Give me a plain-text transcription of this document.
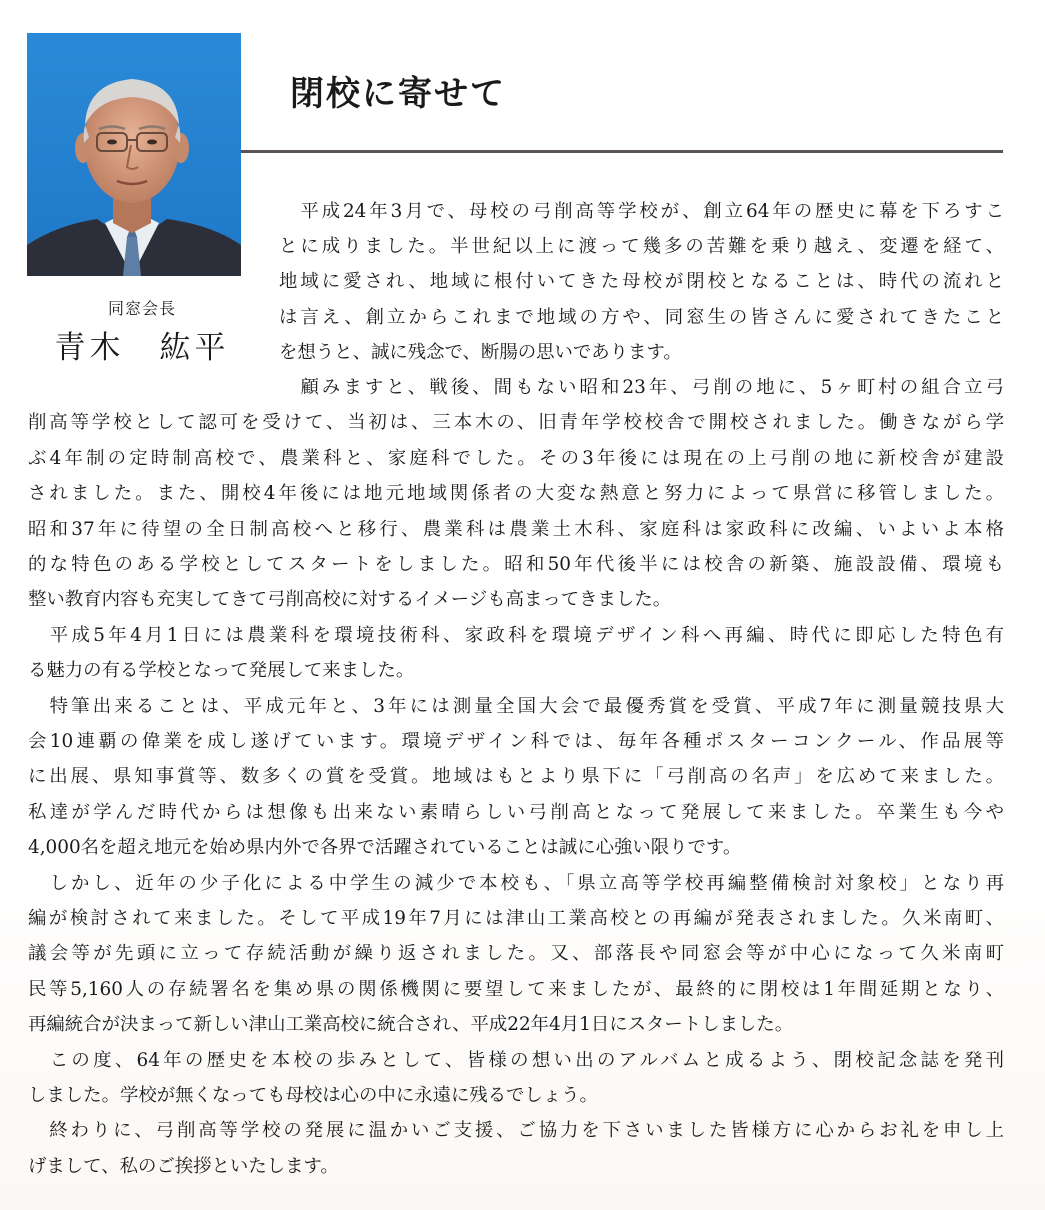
同窓会長
青木　紘平
閉校に寄せて
　平成24年3月で、母校の弓削高等学校が、創立64年の歴史に幕を下ろすこ
とに成りました。半世紀以上に渡って幾多の苦難を乗り越え、変遷を経て、
地域に愛され、地域に根付いてきた母校が閉校となることは、時代の流れと
は言え、創立からこれまで地域の方や、同窓生の皆さんに愛されてきたこと
を想うと、誠に残念で、断腸の思いであります。
　顧みますと、戦後、間もない昭和23年、弓削の地に、5ヶ町村の組合立弓
削高等学校として認可を受けて、当初は、三本木の、旧青年学校校舎で開校されました。働きながら学
ぶ4年制の定時制高校で、農業科と、家庭科でした。その3年後には現在の上弓削の地に新校舎が建設
されました。また、開校4年後には地元地域関係者の大変な熱意と努力によって県営に移管しました。
昭和37年に待望の全日制高校へと移行、農業科は農業土木科、家庭科は家政科に改編、いよいよ本格
的な特色のある学校としてスタートをしました。昭和50年代後半には校舎の新築、施設設備、環境も
整い教育内容も充実してきて弓削高校に対するイメージも高まってきました。
　平成5年4月1日には農業科を環境技術科、家政科を環境デザイン科へ再編、時代に即応した特色有
る魅力の有る学校となって発展して来ました。
　特筆出来ることは、平成元年と、3年には測量全国大会で最優秀賞を受賞、平成7年に測量競技県大
会10連覇の偉業を成し遂げています。環境デザイン科では、毎年各種ポスターコンクール、作品展等
に出展、県知事賞等、数多くの賞を受賞。地域はもとより県下に「弓削高の名声」を広めて来ました。
私達が学んだ時代からは想像も出来ない素晴らしい弓削高となって発展して来ました。卒業生も今や
4,000名を超え地元を始め県内外で各界で活躍されていることは誠に心強い限りです。
　しかし、近年の少子化による中学生の減少で本校も、「県立高等学校再編整備検討対象校」となり再
編が検討されて来ました。そして平成19年7月には津山工業高校との再編が発表されました。久米南町、
議会等が先頭に立って存続活動が繰り返されました。又、部落長や同窓会等が中心になって久米南町
民等5,160人の存続署名を集め県の関係機関に要望して来ましたが、最終的に閉校は1年間延期となり、
再編統合が決まって新しい津山工業高校に統合され、平成22年4月1日にスタートしました。
　この度、64年の歴史を本校の歩みとして、皆様の想い出のアルバムと成るよう、閉校記念誌を発刊
しました。学校が無くなっても母校は心の中に永遠に残るでしょう。
　終わりに、弓削高等学校の発展に温かいご支援、ご協力を下さいました皆様方に心からお礼を申し上
げまして、私のご挨拶といたします。
